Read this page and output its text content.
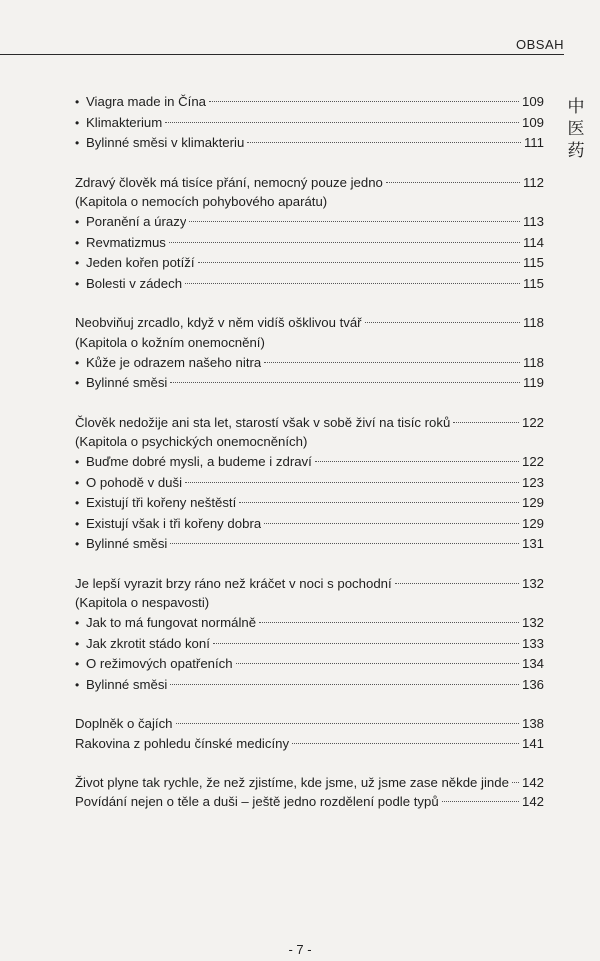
OBSAH
中
医
药
• Viagra made in Čína	109
• Klimakterium	109
• Bylinné směsi v klimakteriu	111
Zdravý člověk má tisíce přání, nemocný pouze jedno	112
(Kapitola o nemocích pohybového aparátu)
• Poranění a úrazy	113
• Revmatizmus	114
• Jeden kořen potíží	115
• Bolesti v zádech	115
Neobviňuj zrcadlo, když v něm vidíš ošklivou tvář	118
(Kapitola o kožním onemocnění)
• Kůže je odrazem našeho nitra	118
• Bylinné směsi	119
Člověk nedožije ani sta let, starostí však v sobě živí na tisíc roků	122
(Kapitola o psychických onemocněních)
• Buďme dobré mysli, a budeme i zdraví	122
• O pohodě v duši	123
• Existují tři kořeny neštěstí	129
• Existují však i tři kořeny dobra	129
• Bylinné směsi	131
Je lepší vyrazit brzy ráno než kráčet v noci s pochodní	132
(Kapitola o nespavosti)
• Jak to má fungovat normálně	132
• Jak zkrotit stádo koní	133
• O režimových opatřeních	134
• Bylinné směsi	136
Doplněk o čajích	138
Rakovina z pohledu čínské medicíny	141
Život plyne tak rychle, že než zjistíme, kde jsme, už jsme zase někde jinde 142
Povídání nejen o těle a duši – ještě jedno rozdělení podle typů	142
- 7 -
